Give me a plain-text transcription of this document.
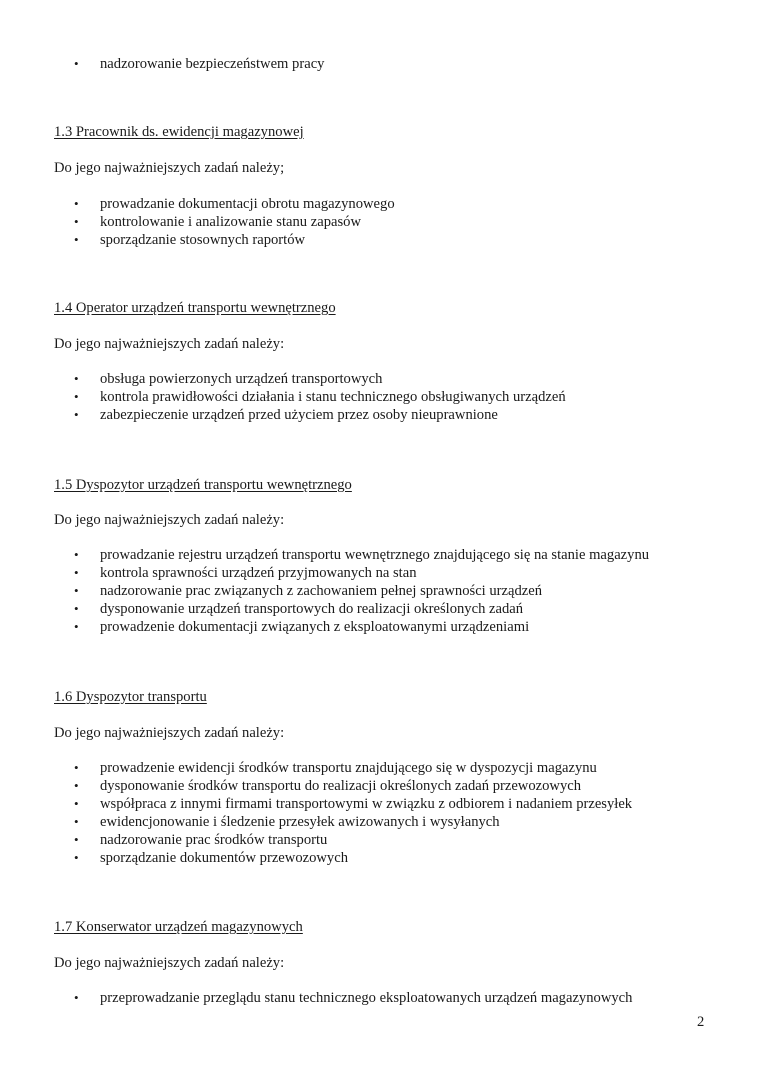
• nadzorowanie bezpieczeństwem pracy
1.3 Pracownik ds. ewidencji magazynowej
Do jego najważniejszych zadań należy;
• prowadzanie dokumentacji obrotu magazynowego
• kontrolowanie i analizowanie stanu zapasów
• sporządzanie stosownych raportów
1.4 Operator urządzeń transportu wewnętrznego
Do jego najważniejszych zadań należy:
• obsługa powierzonych urządzeń transportowych
• kontrola prawidłowości działania i stanu technicznego obsługiwanych urządzeń
• zabezpieczenie urządzeń przed użyciem przez osoby nieuprawnione
1.5 Dyspozytor urządzeń transportu wewnętrznego
Do jego najważniejszych zadań należy:
• prowadzanie rejestru urządzeń transportu wewnętrznego znajdującego się na stanie magazynu
• kontrola sprawności urządzeń przyjmowanych na stan
• nadzorowanie prac związanych z zachowaniem pełnej sprawności urządzeń
• dysponowanie urządzeń transportowych do realizacji określonych zadań
• prowadzenie dokumentacji związanych z eksploatowanymi urządzeniami
1.6 Dyspozytor transportu
Do jego najważniejszych zadań należy:
• prowadzenie ewidencji środków transportu znajdującego się w dyspozycji magazynu
• dysponowanie środków transportu do realizacji określonych zadań przewozowych
• współpraca z innymi firmami transportowymi w związku z odbiorem i nadaniem przesyłek
• ewidencjonowanie i śledzenie przesyłek awizowanych i wysyłanych
• nadzorowanie prac środków transportu
• sporządzanie dokumentów przewozowych
1.7 Konserwator urządzeń magazynowych
Do jego najważniejszych zadań należy:
• przeprowadzanie przeglądu stanu technicznego eksploatowanych urządzeń magazynowych
2
